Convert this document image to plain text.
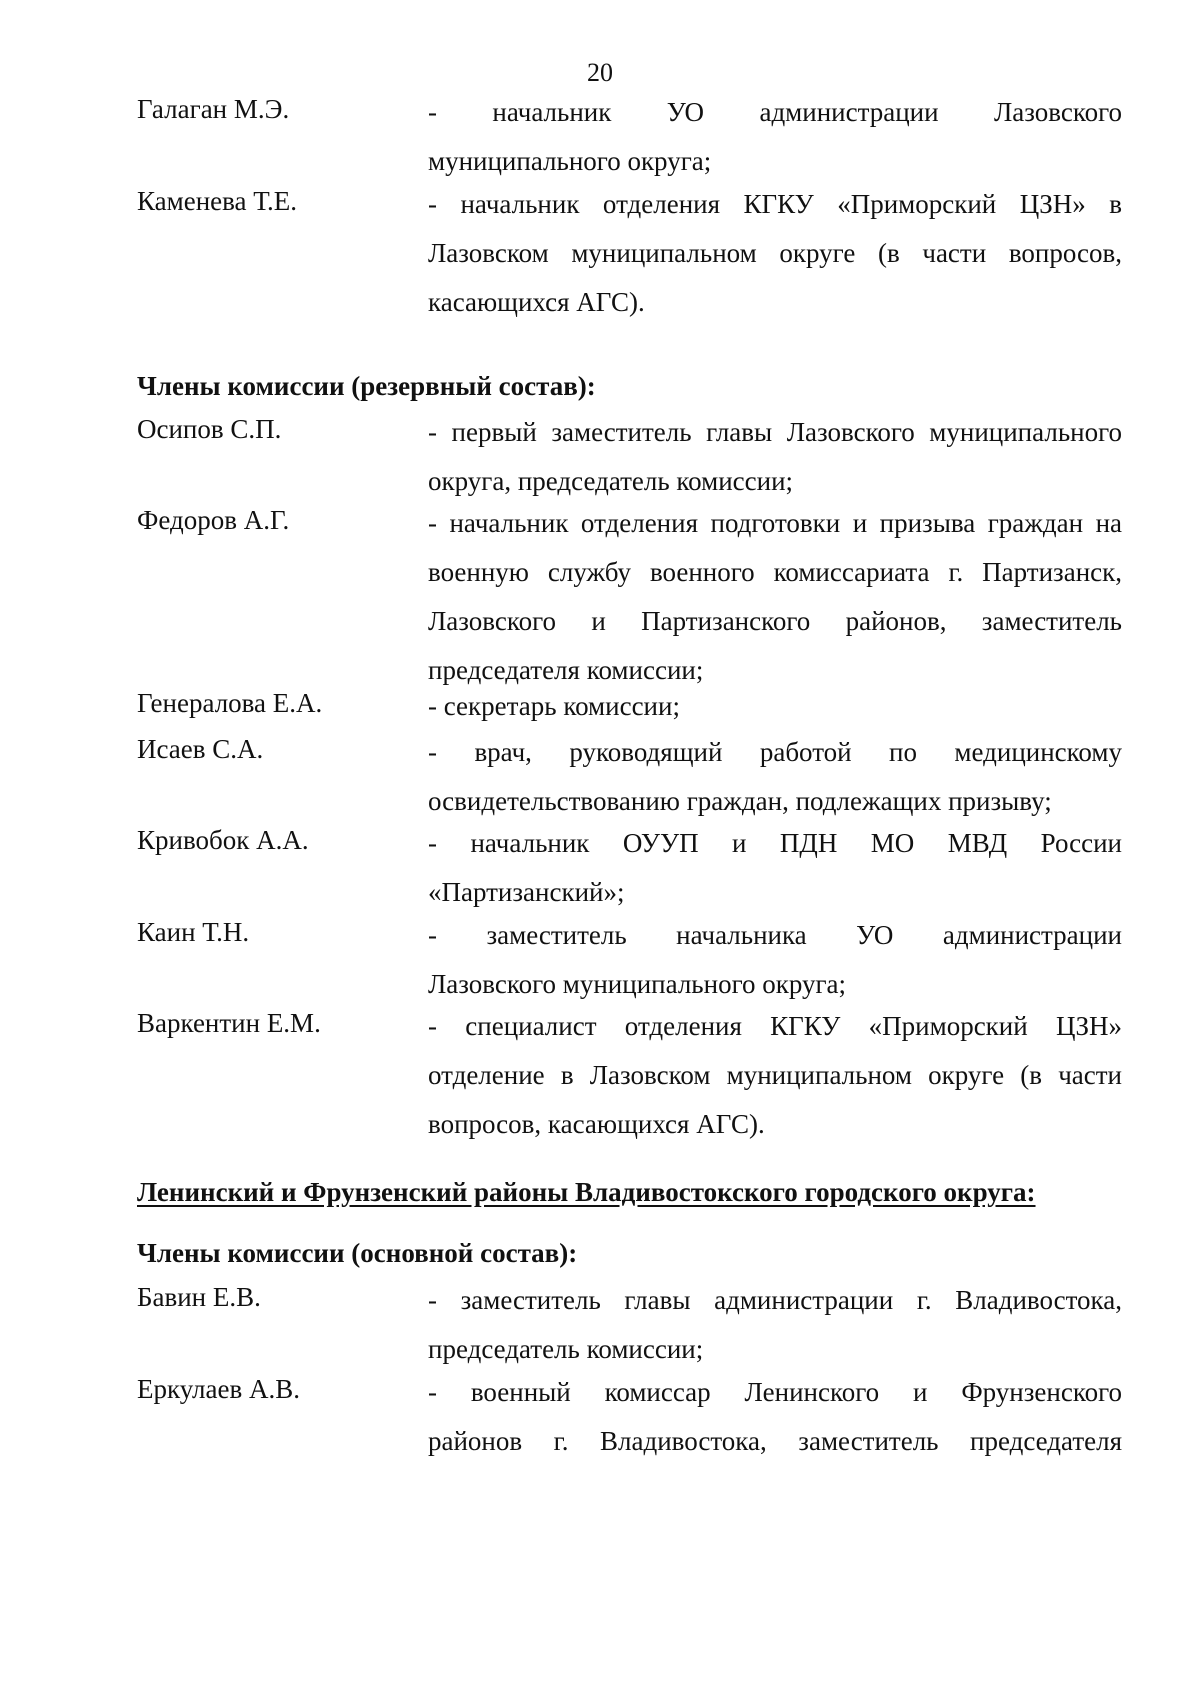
20
Галаган М.Э.	- начальник УО администрации Лазовского
муниципального округа;
Каменева Т.Е.	- начальник отделения КГКУ «Приморский ЦЗН» в
Лазовском муниципальном округе (в части вопросов,
касающихся АГС).
Члены комиссии (резервный состав):
Осипов С.П.	- первый заместитель главы Лазовского муниципального
округа, председатель комиссии;
Федоров А.Г.	- начальник отделения подготовки и призыва граждан на
военную службу военного комиссариата г. Партизанск,
Лазовского и Партизанского районов, заместитель
председателя комиссии;
Генералова Е.А.	- секретарь комиссии;
Исаев С.А.	- врач, руководящий работой по медицинскому
освидетельствованию граждан, подлежащих призыву;
Кривобок А.А.	- начальник ОУУП и ПДН МО МВД России
«Партизанский»;
Каин Т.Н.	- заместитель начальника УО администрации
Лазовского муниципального округа;
Варкентин Е.М.	- специалист отделения КГКУ «Приморский ЦЗН»
отделение в Лазовском муниципальном округе (в части
вопросов, касающихся АГС).
Ленинский и Фрунзенский районы Владивостокского городского округа:
Члены комиссии (основной состав):
Бавин Е.В.	- заместитель главы администрации г. Владивостока,
председатель комиссии;
Еркулаев А.В.	- военный комиссар Ленинского и Фрунзенского
районов г. Владивостока, заместитель председателя
